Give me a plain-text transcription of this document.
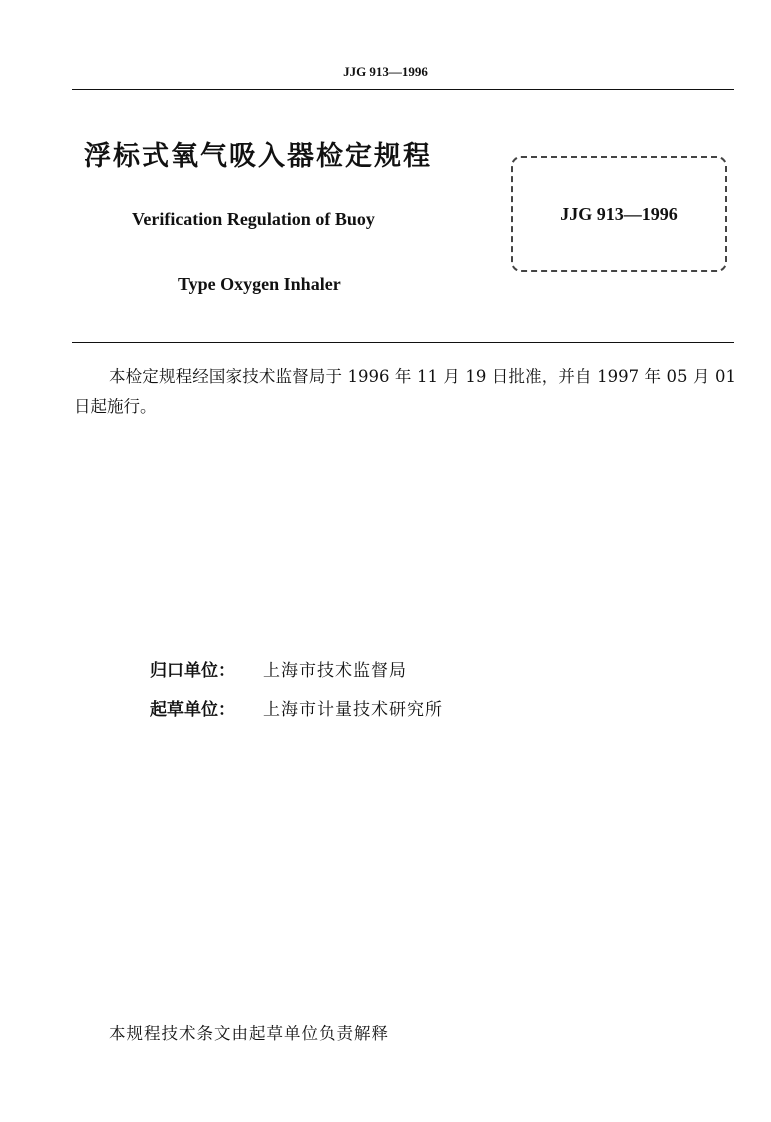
JJG 913—1996
浮标式氧气吸入器检定规程
Verification Regulation of Buoy
Type Oxygen Inhaler
JJG 913—1996
本检定规程经国家技术监督局于 1996 年 11 月 19 日批准，并自 1997 年 05 月 01 日起施行。
归口单位：	上海市技术监督局
起草单位：	上海市计量技术研究所
本规程技术条文由起草单位负责解释
